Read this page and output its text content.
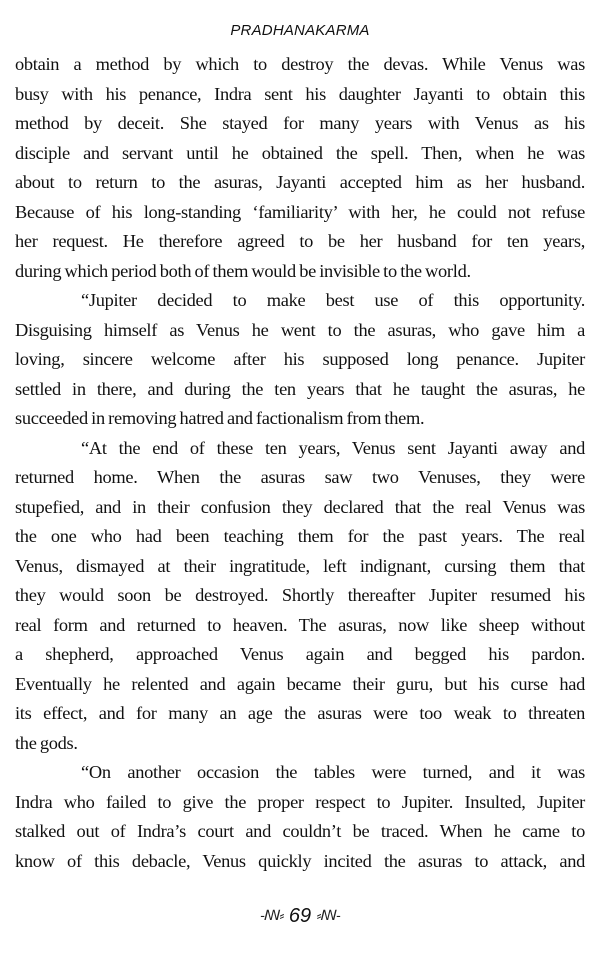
PRADHANAKARMA
obtain a method by which to destroy the devas. While Venus was
busy with his penance, Indra sent his daughter Jayanti to obtain this
method by deceit. She stayed for many years with Venus as his
disciple and servant until he obtained the spell. Then, when he was
about to return to the asuras, Jayanti accepted him as her husband.
Because of his long-standing ‘familiarity’ with her, he could not refuse
her request. He therefore agreed to be her husband for ten years,
during which period both of them would be invisible to the world.
“Jupiter decided to make best use of this opportunity.
Disguising himself as Venus he went to the asuras, who gave him a
loving, sincere welcome after his supposed long penance. Jupiter
settled in there, and during the ten years that he taught the asuras, he
succeeded in removing hatred and factionalism from them.
“At the end of these ten years, Venus sent Jayanti away and
returned home. When the asuras saw two Venuses, they were
stupefied, and in their confusion they declared that the real Venus was
the one who had been teaching them for the past years. The real
Venus, dismayed at their ingratitude, left indignant, cursing them that
they would soon be destroyed. Shortly thereafter Jupiter resumed his
real form and returned to heaven. The asuras, now like sheep without
a shepherd, approached Venus again and begged his pardon.
Eventually he relented and again became their guru, but his curse had
its effect, and for many an age the asuras were too weak to threaten
the gods.
“On another occasion the tables were turned, and it was
Indra who failed to give the proper respect to Jupiter. Insulted, Jupiter
stalked out of Indra’s court and couldn’t be traced. When he came to
know of this debacle, Venus quickly incited the asuras to attack, and
-ꟿ⸗ 69 ⸗ꟿ-
